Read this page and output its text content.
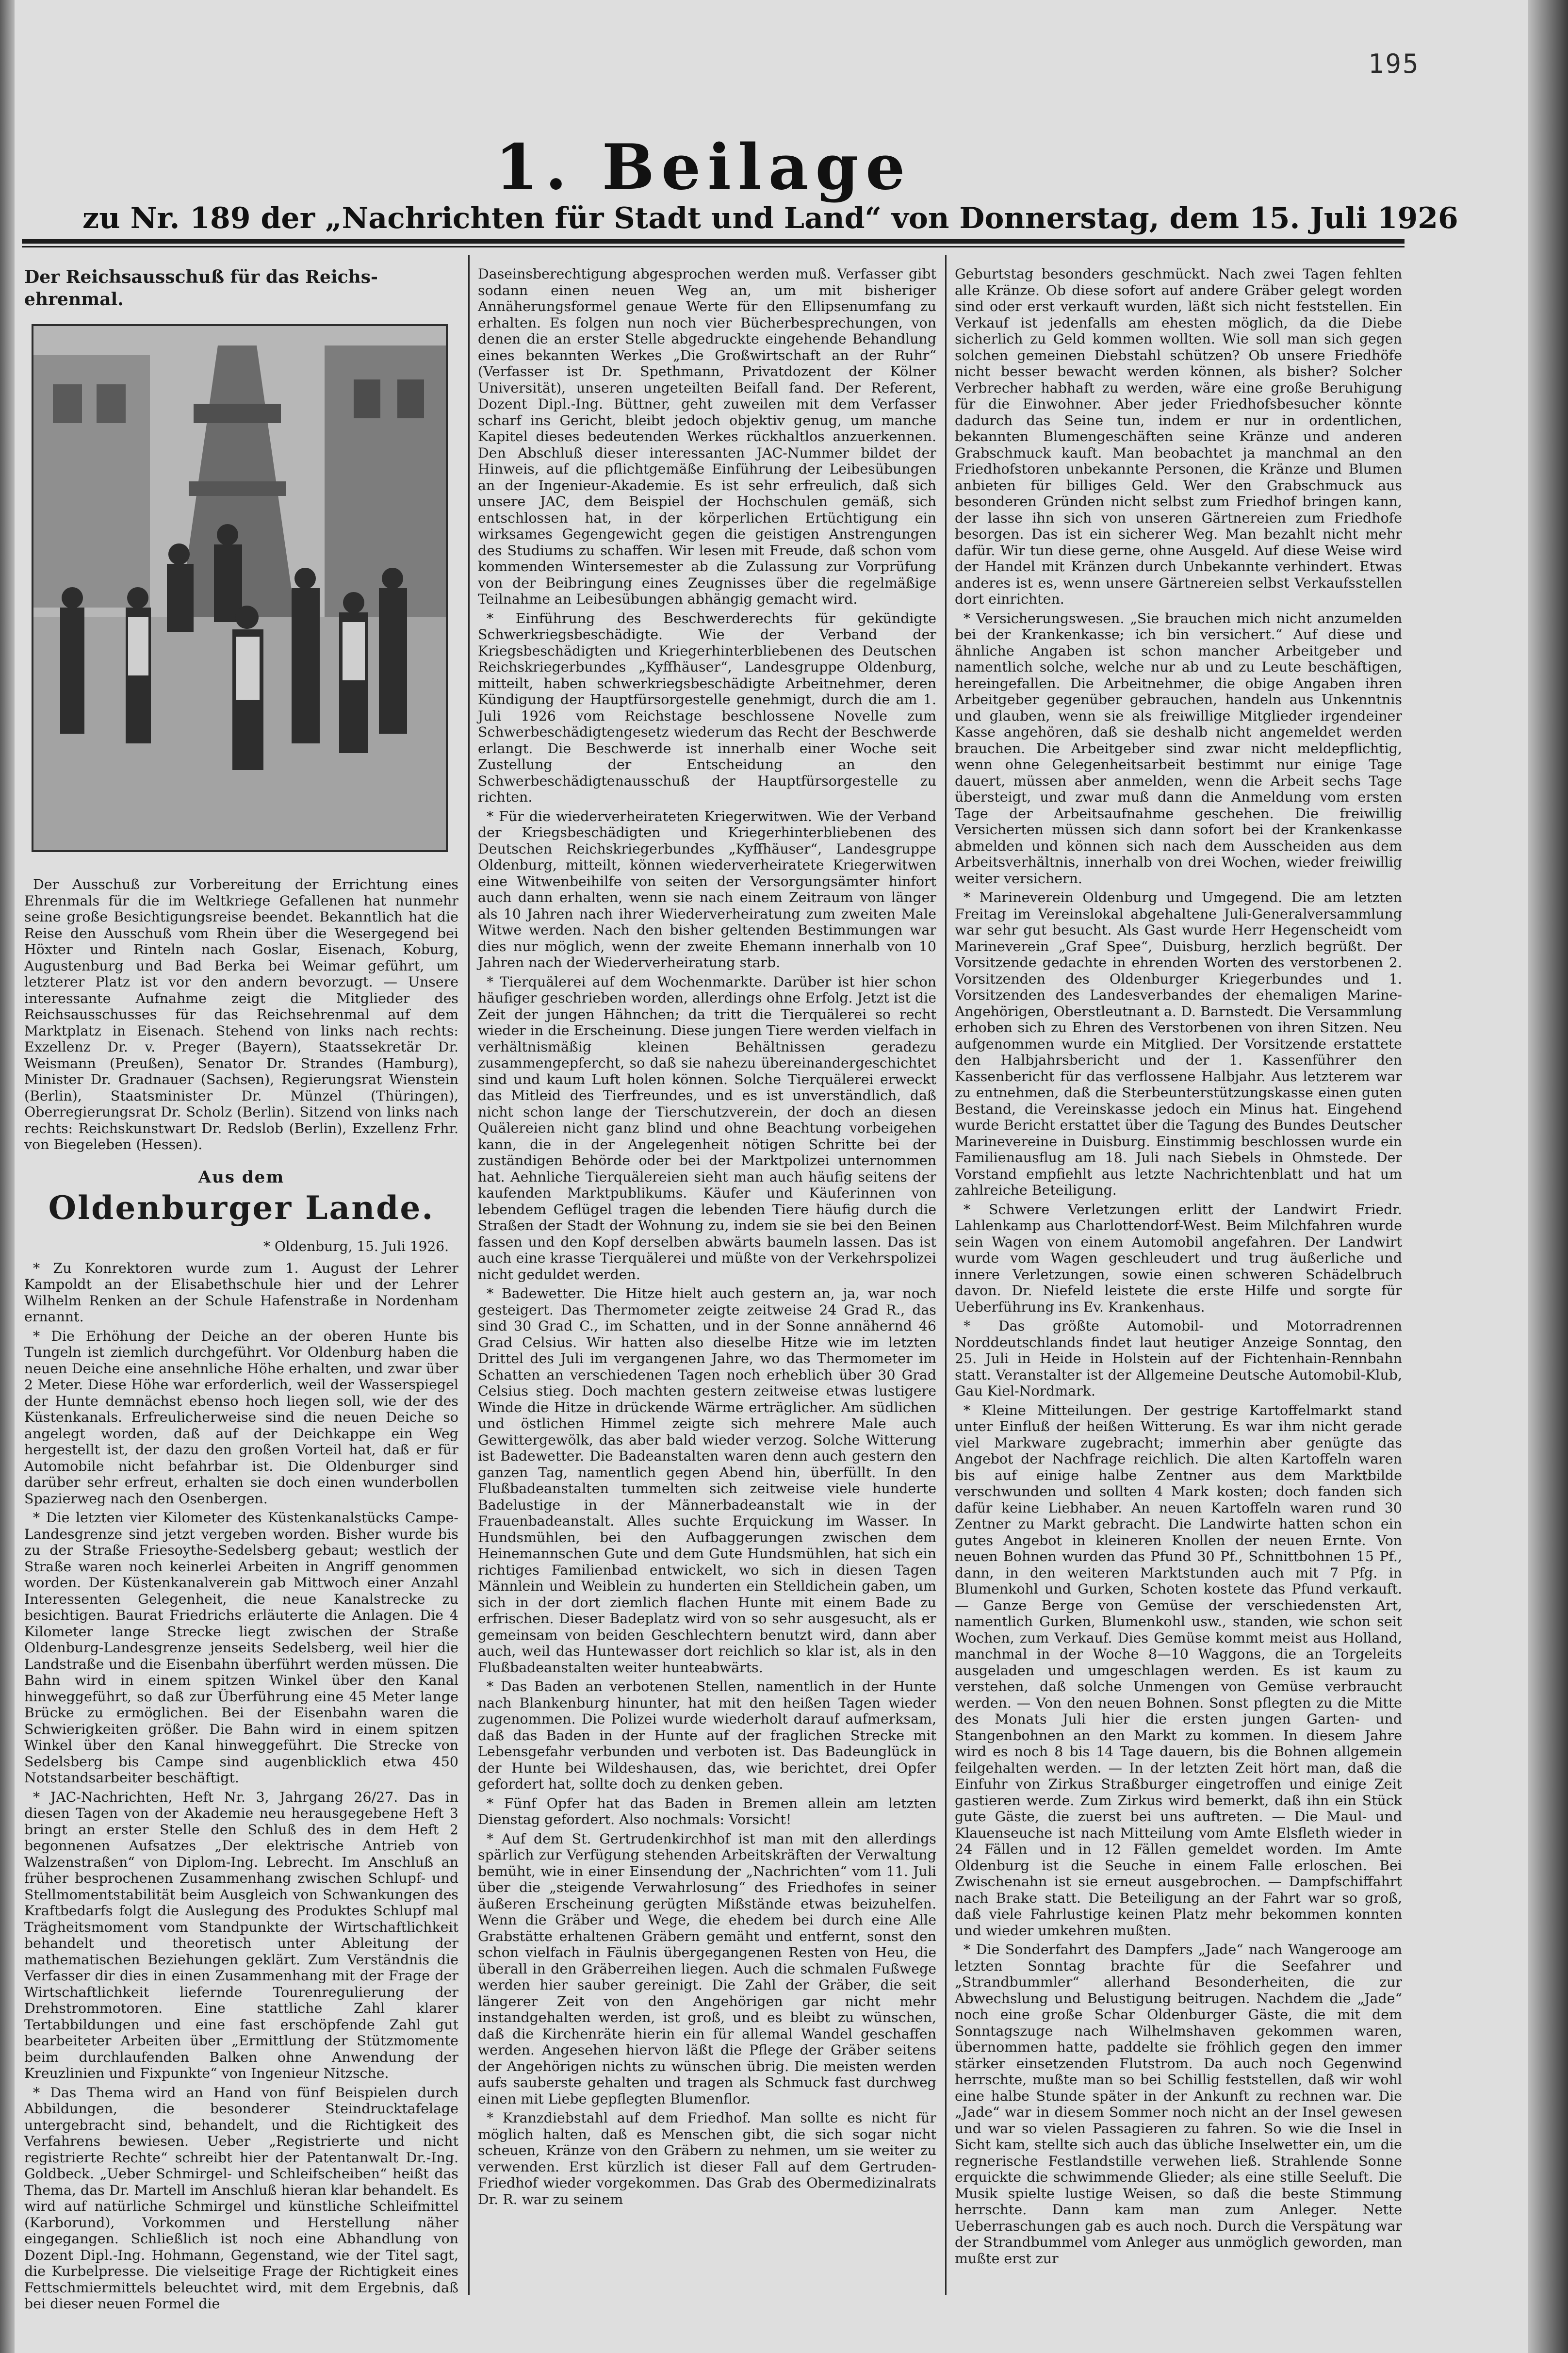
195
1. Beilage
zu Nr. 189 der „Nachrichten für Stadt und Land“ von Donnerstag, dem 15. Juli 1926
Der Reichsausschuß für das Reichs-ehrenmal.

Der Ausschuß zur Vorbereitung der Errichtung eines Ehrenmals für die im Weltkriege Gefallenen hat nunmehr seine große Besichtigungsreise beendet. Bekanntlich hat die Reise den Ausschuß vom Rhein über die Wesergegend bei Höxter und Rinteln nach Goslar, Eisenach, Koburg, Augustenburg und Bad Berka bei Weimar geführt, um letzterer Platz ist vor den andern bevorzugt. — Unsere interessante Aufnahme zeigt die Mitglieder des Reichsausschusses für das Reichsehrenmal auf dem Marktplatz in Eisenach. Stehend von links nach rechts: Exzellenz Dr. v. Preger (Bayern), Staatssekretär Dr. Weismann (Preußen), Senator Dr. Strandes (Hamburg), Minister Dr. Gradnauer (Sachsen), Regierungsrat Wienstein (Berlin), Staatsminister Dr. Münzel (Thüringen), Oberregierungsrat Dr. Scholz (Berlin). Sitzend von links nach rechts: Reichskunstwart Dr. Redslob (Berlin), Exzellenz Frhr. von Biegeleben (Hessen).

Aus dem
Oldenburger Lande.
* Oldenburg, 15. Juli 1926.

* Zu Konrektoren wurde zum 1. August der Lehrer Kampoldt an der Elisabethschule hier und der Lehrer Wilhelm Renken an der Schule Hafenstraße in Nordenham ernannt.

* Die Erhöhung der Deiche an der oberen Hunte bis Tungeln ist ziemlich durchgeführt. Vor Oldenburg haben die neuen Deiche eine ansehnliche Höhe erhalten, und zwar über 2 Meter. Diese Höhe war erforderlich, weil der Wasserspiegel der Hunte demnächst ebenso hoch liegen soll, wie der des Küstenkanals. Erfreulicherweise sind die neuen Deiche so angelegt worden, daß auf der Deichkappe ein Weg hergestellt ist, der dazu den großen Vorteil hat, daß er für Automobile nicht befahrbar ist. Die Oldenburger sind darüber sehr erfreut, erhalten sie doch einen wunderbollen Spazierweg nach den Osenbergen.

* Die letzten vier Kilometer des Küstenkanalstücks Campe-Landesgrenze sind jetzt vergeben worden. Bisher wurde bis zu der Straße Friesoythe-Sedelsberg gebaut; westlich der Straße waren noch keinerlei Arbeiten in Angriff genommen worden. Der Küstenkanalverein gab Mittwoch einer Anzahl Interessenten Gelegenheit, die neue Kanalstrecke zu besichtigen. Baurat Friedrichs erläuterte die Anlagen. Die 4 Kilometer lange Strecke liegt zwischen der Straße Oldenburg-Landesgrenze jenseits Sedelsberg, weil hier die Landstraße und die Eisenbahn überführt werden müssen. Die Bahn wird in einem spitzen Winkel über den Kanal hinweggeführt, so daß zur Überführung eine 45 Meter lange Brücke zu ermöglichen. Bei der Eisenbahn waren die Schwierigkeiten größer. Die Bahn wird in einem spitzen Winkel über den Kanal hinweggeführt. Die Strecke von Sedelsberg bis Campe sind augenblicklich etwa 450 Notstandsarbeiter beschäftigt.

* JAC-Nachrichten, Heft Nr. 3, Jahrgang 26/27. Das in diesen Tagen von der Akademie neu herausgegebene Heft 3 bringt an erster Stelle den Schluß des in dem Heft 2 begonnenen Aufsatzes „Der elektrische Antrieb von Walzenstraßen“ von Diplom-Ing. Lebrecht. Im Anschluß an früher besprochenen Zusammenhang zwischen Schlupf- und Stellmomentstabilität beim Ausgleich von Schwankungen des Kraftbedarfs folgt die Auslegung des Produktes Schlupf mal Trägheitsmoment vom Standpunkte der Wirtschaftlichkeit behandelt und theoretisch unter Ableitung der mathematischen Beziehungen geklärt. Zum Verständnis die Verfasser dir dies in einen Zusammenhang mit der Frage der Wirtschaftlichkeit liefernde Tourenregulierung der Drehstrommotoren. Eine stattliche Zahl klarer Tertabbildungen und eine fast erschöpfende Zahl gut bearbeiteter Arbeiten über „Ermittlung der Stützmomente beim durchlaufenden Balken ohne Anwendung der Kreuzlinien und Fixpunkte“ von Ingenieur Nitzsche.

* Das Thema wird an Hand von fünf Beispielen durch Abbildungen, die besonderer Steindrucktafelage untergebracht sind, behandelt, und die Richtigkeit des Verfahrens bewiesen. Ueber „Registrierte und nicht registrierte Rechte“ schreibt hier der Patentanwalt Dr.-Ing. Goldbeck. „Ueber Schmirgel- und Schleifscheiben“ heißt das Thema, das Dr. Martell im Anschluß hieran klar behandelt. Es wird auf natürliche Schmirgel und künstliche Schleifmittel (Karborund), Vorkommen und Herstellung näher eingegangen. Schließlich ist noch eine Abhandlung von Dozent Dipl.-Ing. Hohmann, Gegenstand, wie der Titel sagt, die Kurbelpresse. Die vielseitige Frage der Richtigkeit eines Fettschmiermittels beleuchtet wird, mit dem Ergebnis, daß bei dieser neuen Formel die

Daseinsberechtigung abgesprochen werden muß. Verfasser gibt sodann einen neuen Weg an, um mit bisheriger Annäherungsformel genaue Werte für den Ellipsenumfang zu erhalten. Es folgen nun noch vier Bücherbesprechungen, von denen die an erster Stelle abgedruckte eingehende Behandlung eines bekannten Werkes „Die Großwirtschaft an der Ruhr“ (Verfasser ist Dr. Spethmann, Privatdozent der Kölner Universität), unseren ungeteilten Beifall fand. Der Referent, Dozent Dipl.-Ing. Büttner, geht zuweilen mit dem Verfasser scharf ins Gericht, bleibt jedoch objektiv genug, um manche Kapitel dieses bedeutenden Werkes rückhaltlos anzuerkennen. Den Abschluß dieser interessanten JAC-Nummer bildet der Hinweis, auf die pflichtgemäße Einführung der Leibesübungen an der Ingenieur-Akademie. Es ist sehr erfreulich, daß sich unsere JAC, dem Beispiel der Hochschulen gemäß, sich entschlossen hat, in der körperlichen Ertüchtigung ein wirksames Gegengewicht gegen die geistigen Anstrengungen des Studiums zu schaffen. Wir lesen mit Freude, daß schon vom kommenden Wintersemester ab die Zulassung zur Vorprüfung von der Beibringung eines Zeugnisses über die regelmäßige Teilnahme an Leibesübungen abhängig gemacht wird.

* Einführung des Beschwerderechts für gekündigte Schwerkriegsbeschädigte. Wie der Verband der Kriegsbeschädigten und Kriegerhinterbliebenen des Deutschen Reichskriegerbundes „Kyffhäuser“, Landesgruppe Oldenburg, mitteilt, haben schwerkriegsbeschädigte Arbeitnehmer, deren Kündigung der Hauptfürsorgestelle genehmigt, durch die am 1. Juli 1926 vom Reichstage beschlossene Novelle zum Schwerbeschädigtengesetz wiederum das Recht der Beschwerde erlangt. Die Beschwerde ist innerhalb einer Woche seit Zustellung der Entscheidung an den Schwerbeschädigtenausschuß der Hauptfürsorgestelle zu richten.

* Für die wiederverheirateten Kriegerwitwen. Wie der Verband der Kriegsbeschädigten und Kriegerhinterbliebenen des Deutschen Reichskriegerbundes „Kyffhäuser“, Landesgruppe Oldenburg, mitteilt, können wiederverheiratete Kriegerwitwen eine Witwenbeihilfe von seiten der Versorgungsämter hinfort auch dann erhalten, wenn sie nach einem Zeitraum von länger als 10 Jahren nach ihrer Wiederverheiratung zum zweiten Male Witwe werden. Nach den bisher geltenden Bestimmungen war dies nur möglich, wenn der zweite Ehemann innerhalb von 10 Jahren nach der Wiederverheiratung starb.

* Tierquälerei auf dem Wochenmarkte. Darüber ist hier schon häufiger geschrieben worden, allerdings ohne Erfolg. Jetzt ist die Zeit der jungen Hähnchen; da tritt die Tierquälerei so recht wieder in die Erscheinung. Diese jungen Tiere werden vielfach in verhältnismäßig kleinen Behältnissen geradezu zusammengepfercht, so daß sie nahezu übereinandergeschichtet sind und kaum Luft holen können. Solche Tierquälerei erweckt das Mitleid des Tierfreundes, und es ist unverständlich, daß nicht schon lange der Tierschutzverein, der doch an diesen Quälereien nicht ganz blind und ohne Beachtung vorbeigehen kann, die in der Angelegenheit nötigen Schritte bei der zuständigen Behörde oder bei der Marktpolizei unternommen hat. Aehnliche Tierquälereien sieht man auch häufig seitens der kaufenden Marktpublikums. Käufer und Käuferinnen von lebendem Geflügel tragen die lebenden Tiere häufig durch die Straßen der Stadt der Wohnung zu, indem sie sie bei den Beinen fassen und den Kopf derselben abwärts baumeln lassen. Das ist auch eine krasse Tierquälerei und müßte von der Verkehrspolizei nicht geduldet werden.

* Badewetter. Die Hitze hielt auch gestern an, ja, war noch gesteigert. Das Thermometer zeigte zeitweise 24 Grad R., das sind 30 Grad C., im Schatten, und in der Sonne annähernd 46 Grad Celsius. Wir hatten also dieselbe Hitze wie im letzten Drittel des Juli im vergangenen Jahre, wo das Thermometer im Schatten an verschiedenen Tagen noch erheblich über 30 Grad Celsius stieg. Doch machten gestern zeitweise etwas lustigere Winde die Hitze in drückende Wärme erträglicher. Am südlichen und östlichen Himmel zeigte sich mehrere Male auch Gewittergewölk, das aber bald wieder verzog. Solche Witterung ist Badewetter. Die Badeanstalten waren denn auch gestern den ganzen Tag, namentlich gegen Abend hin, überfüllt. In den Flußbadeanstalten tummelten sich zeitweise viele hunderte Badelustige in der Männerbadeanstalt wie in der Frauenbadeanstalt. Alles suchte Erquickung im Wasser. In Hundsmühlen, bei den Aufbaggerungen zwischen dem Heinemannschen Gute und dem Gute Hundsmühlen, hat sich ein richtiges Familienbad entwickelt, wo sich in diesen Tagen Männlein und Weiblein zu hunderten ein Stelldichein gaben, um sich in der dort ziemlich flachen Hunte mit einem Bade zu erfrischen. Dieser Badeplatz wird von so sehr ausgesucht, als er gemeinsam von beiden Geschlechtern benutzt wird, dann aber auch, weil das Huntewasser dort reichlich so klar ist, als in den Flußbadeanstalten weiter hunteabwärts.

* Das Baden an verbotenen Stellen, namentlich in der Hunte nach Blankenburg hinunter, hat mit den heißen Tagen wieder zugenommen. Die Polizei wurde wiederholt darauf aufmerksam, daß das Baden in der Hunte auf der fraglichen Strecke mit Lebensgefahr verbunden und verboten ist. Das Badeunglück in der Hunte bei Wildeshausen, das, wie berichtet, drei Opfer gefordert hat, sollte doch zu denken geben.

* Fünf Opfer hat das Baden in Bremen allein am letzten Dienstag gefordert. Also nochmals: Vorsicht!

* Auf dem St. Gertrudenkirchhof ist man mit den allerdings spärlich zur Verfügung stehenden Arbeitskräften der Verwaltung bemüht, wie in einer Einsendung der „Nachrichten“ vom 11. Juli über die „steigende Verwahrlosung“ des Friedhofes in seiner äußeren Erscheinung gerügten Mißstände etwas beizuhelfen. Wenn die Gräber und Wege, die ehedem bei durch eine Alle Grabstätte erhaltenen Gräbern gemäht und entfernt, sonst den schon vielfach in Fäulnis übergegangenen Resten von Heu, die überall in den Gräberreihen liegen. Auch die schmalen Fußwege werden hier sauber gereinigt. Die Zahl der Gräber, die seit längerer Zeit von den Angehörigen gar nicht mehr instandgehalten werden, ist groß, und es bleibt zu wünschen, daß die Kirchenräte hierin ein für allemal Wandel geschaffen werden. Angesehen hiervon läßt die Pflege der Gräber seitens der Angehörigen nichts zu wünschen übrig. Die meisten werden aufs sauberste gehalten und tragen als Schmuck fast durchweg einen mit Liebe gepflegten Blumenflor.

* Kranzdiebstahl auf dem Friedhof. Man sollte es nicht für möglich halten, daß es Menschen gibt, die sich sogar nicht scheuen, Kränze von den Gräbern zu nehmen, um sie weiter zu verwenden. Erst kürzlich ist dieser Fall auf dem Gertruden-Friedhof wieder vorgekommen. Das Grab des Obermedizinalrats Dr. R. war zu seinem

Geburtstag besonders geschmückt. Nach zwei Tagen fehlten alle Kränze. Ob diese sofort auf andere Gräber gelegt worden sind oder erst verkauft wurden, läßt sich nicht feststellen. Ein Verkauf ist jedenfalls am ehesten möglich, da die Diebe sicherlich zu Geld kommen wollten. Wie soll man sich gegen solchen gemeinen Diebstahl schützen? Ob unsere Friedhöfe nicht besser bewacht werden können, als bisher? Solcher Verbrecher habhaft zu werden, wäre eine große Beruhigung für die Einwohner. Aber jeder Friedhofsbesucher könnte dadurch das Seine tun, indem er nur in ordentlichen, bekannten Blumengeschäften seine Kränze und anderen Grabschmuck kauft. Man beobachtet ja manchmal an den Friedhofstoren unbekannte Personen, die Kränze und Blumen anbieten für billiges Geld. Wer den Grabschmuck aus besonderen Gründen nicht selbst zum Friedhof bringen kann, der lasse ihn sich von unseren Gärtnereien zum Friedhofe besorgen. Das ist ein sicherer Weg. Man bezahlt nicht mehr dafür. Wir tun diese gerne, ohne Ausgeld. Auf diese Weise wird der Handel mit Kränzen durch Unbekannte verhindert. Etwas anderes ist es, wenn unsere Gärtnereien selbst Verkaufsstellen dort einrichten.

* Versicherungswesen. „Sie brauchen mich nicht anzumelden bei der Krankenkasse; ich bin versichert.“ Auf diese und ähnliche Angaben ist schon mancher Arbeitgeber und namentlich solche, welche nur ab und zu Leute beschäftigen, hereingefallen. Die Arbeitnehmer, die obige Angaben ihren Arbeitgeber gegenüber gebrauchen, handeln aus Unkenntnis und glauben, wenn sie als freiwillige Mitglieder irgendeiner Kasse angehören, daß sie deshalb nicht angemeldet werden brauchen. Die Arbeitgeber sind zwar nicht meldepflichtig, wenn ohne Gelegenheitsarbeit bestimmt nur einige Tage dauert, müssen aber anmelden, wenn die Arbeit sechs Tage übersteigt, und zwar muß dann die Anmeldung vom ersten Tage der Arbeitsaufnahme geschehen. Die freiwillig Versicherten müssen sich dann sofort bei der Krankenkasse abmelden und können sich nach dem Ausscheiden aus dem Arbeitsverhältnis, innerhalb von drei Wochen, wieder freiwillig weiter versichern.

* Marineverein Oldenburg und Umgegend. Die am letzten Freitag im Vereinslokal abgehaltene Juli-Generalversammlung war sehr gut besucht. Als Gast wurde Herr Hegenscheidt vom Marineverein „Graf Spee“, Duisburg, herzlich begrüßt. Der Vorsitzende gedachte in ehrenden Worten des verstorbenen 2. Vorsitzenden des Oldenburger Kriegerbundes und 1. Vorsitzenden des Landesverbandes der ehemaligen Marine-Angehörigen, Oberstleutnant a. D. Barnstedt. Die Versammlung erhoben sich zu Ehren des Verstorbenen von ihren Sitzen. Neu aufgenommen wurde ein Mitglied. Der Vorsitzende erstattete den Halbjahrsbericht und der 1. Kassenführer den Kassenbericht für das verflossene Halbjahr. Aus letzterem war zu entnehmen, daß die Sterbeunterstützungskasse einen guten Bestand, die Vereinskasse jedoch ein Minus hat. Eingehend wurde Bericht erstattet über die Tagung des Bundes Deutscher Marinevereine in Duisburg. Einstimmig beschlossen wurde ein Familienausflug am 18. Juli nach Siebels in Ohmstede. Der Vorstand empfiehlt aus letzte Nachrichtenblatt und hat um zahlreiche Beteiligung.

* Schwere Verletzungen erlitt der Landwirt Friedr. Lahlenkamp aus Charlottendorf-West. Beim Milchfahren wurde sein Wagen von einem Automobil angefahren. Der Landwirt wurde vom Wagen geschleudert und trug äußerliche und innere Verletzungen, sowie einen schweren Schädelbruch davon. Dr. Niefeld leistete die erste Hilfe und sorgte für Ueberführung ins Ev. Krankenhaus.

* Das größte Automobil- und Motorradrennen Norddeutschlands findet laut heutiger Anzeige Sonntag, den 25. Juli in Heide in Holstein auf der Fichtenhain-Rennbahn statt. Veranstalter ist der Allgemeine Deutsche Automobil-Klub, Gau Kiel-Nordmark.

* Kleine Mitteilungen. Der gestrige Kartoffelmarkt stand unter Einfluß der heißen Witterung. Es war ihm nicht gerade viel Markware zugebracht; immerhin aber genügte das Angebot der Nachfrage reichlich. Die alten Kartoffeln waren bis auf einige halbe Zentner aus dem Marktbilde verschwunden und sollten 4 Mark kosten; doch fanden sich dafür keine Liebhaber. An neuen Kartoffeln waren rund 30 Zentner zu Markt gebracht. Die Landwirte hatten schon ein gutes Angebot in kleineren Knollen der neuen Ernte. Von neuen Bohnen wurden das Pfund 30 Pf., Schnittbohnen 15 Pf., dann, in den weiteren Marktstunden auch mit 7 Pfg. in Blumenkohl und Gurken, Schoten kostete das Pfund verkauft. — Ganze Berge von Gemüse der verschiedensten Art, namentlich Gurken, Blumenkohl usw., standen, wie schon seit Wochen, zum Verkauf. Dies Gemüse kommt meist aus Holland, manchmal in der Woche 8—10 Waggons, die an Torgeleits ausgeladen und umgeschlagen werden. Es ist kaum zu verstehen, daß solche Unmengen von Gemüse verbraucht werden. — Von den neuen Bohnen. Sonst pflegten zu die Mitte des Monats Juli hier die ersten jungen Garten- und Stangenbohnen an den Markt zu kommen. In diesem Jahre wird es noch 8 bis 14 Tage dauern, bis die Bohnen allgemein feilgehalten werden. — In der letzten Zeit hört man, daß die Einfuhr von Zirkus Straßburger eingetroffen und einige Zeit gastieren werde. Zum Zirkus wird bemerkt, daß ihn ein Stück gute Gäste, die zuerst bei uns auftreten. — Die Maul- und Klauenseuche ist nach Mitteilung vom Amte Elsfleth wieder in 24 Fällen und in 12 Fällen gemeldet worden. Im Amte Oldenburg ist die Seuche in einem Falle erloschen. Bei Zwischenahn ist sie erneut ausgebrochen. — Dampfschiffahrt nach Brake statt. Die Beteiligung an der Fahrt war so groß, daß viele Fahrlustige keinen Platz mehr bekommen konnten und wieder umkehren mußten.

* Die Sonderfahrt des Dampfers „Jade“ nach Wangerooge am letzten Sonntag brachte für die Seefahrer und „Strandbummler“ allerhand Besonderheiten, die zur Abwechslung und Belustigung beitrugen. Nachdem die „Jade“ noch eine große Schar Oldenburger Gäste, die mit dem Sonntagszuge nach Wilhelmshaven gekommen waren, übernommen hatte, paddelte sie fröhlich gegen den immer stärker einsetzenden Flutstrom. Da auch noch Gegenwind herrschte, mußte man so bei Schillig feststellen, daß wir wohl eine halbe Stunde später in der Ankunft zu rechnen war. Die „Jade“ war in diesem Sommer noch nicht an der Insel gewesen und war so vielen Passagieren zu fahren. So wie die Insel in Sicht kam, stellte sich auch das übliche Inselwetter ein, um die regnerische Festlandstille verwehen ließ. Strahlende Sonne erquickte die schwimmende Glieder; als eine stille Seeluft. Die Musik spielte lustige Weisen, so daß die beste Stimmung herrschte. Dann kam man zum Anleger. Nette Ueberraschungen gab es auch noch. Durch die Verspätung war der Strandbummel vom Anleger aus unmöglich geworden, man mußte erst zur
